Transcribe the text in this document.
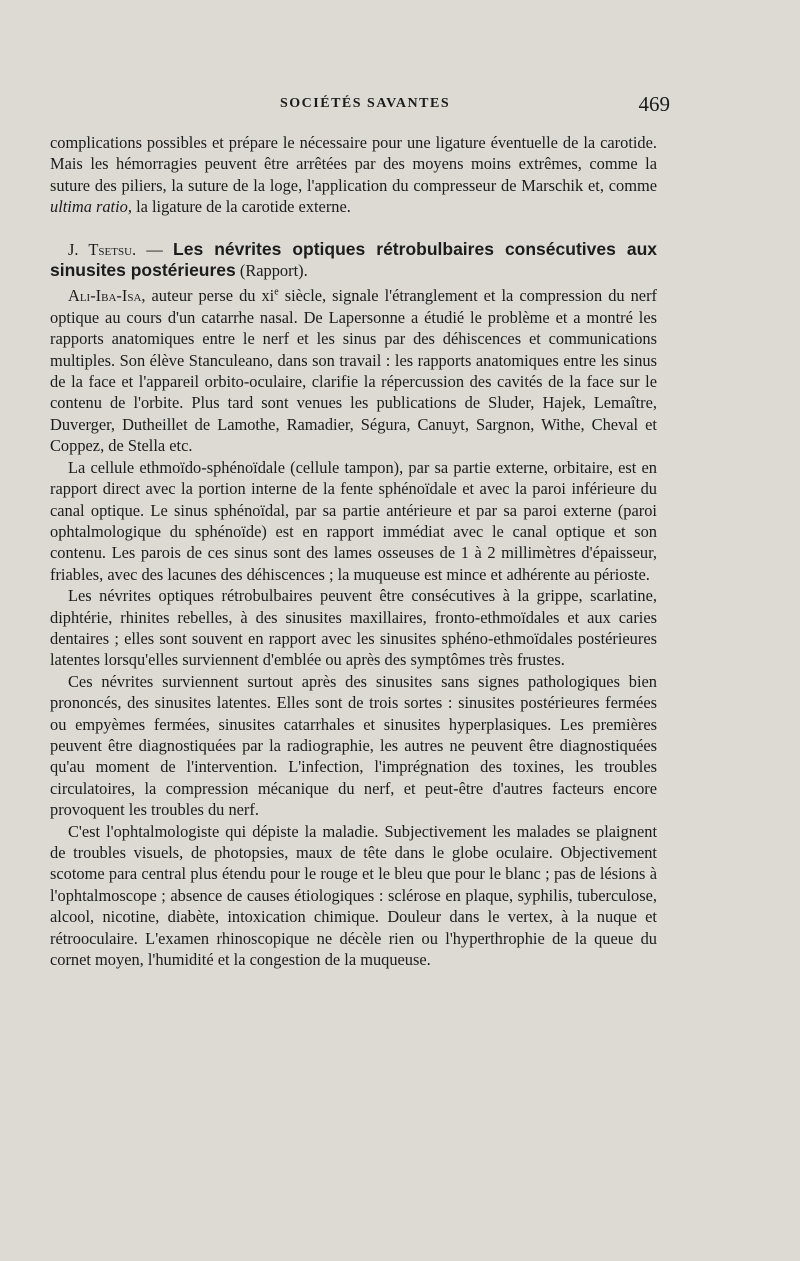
SOCIÉTÉS SAVANTES	469

complications possibles et prépare le nécessaire pour une ligature éventuelle de la carotide. Mais les hémorragies peuvent être arrêtées par des moyens moins extrêmes, comme la suture des piliers, la suture de la loge, l'application du compresseur de Marschik et, comme ultima ratio, la ligature de la carotide externe.

J. Tsetsu. — Les névrites optiques rétrobulbaires consécutives aux sinusites postérieures (Rapport).

Ali-Iba-Isa, auteur perse du $xi^e$ siècle, signale l'étranglement et la compression du nerf optique au cours d'un catarrhe nasal. De Lapersonne a étudié le problème et a montré les rapports anatomiques entre le nerf et les sinus par des déhiscences et communications multiples. Son élève Stanculeano, dans son travail : les rapports anatomiques entre les sinus de la face et l'appareil orbito-oculaire, clarifie la répercussion des cavités de la face sur le contenu de l'orbite. Plus tard sont venues les publications de Sluder, Hajek, Lemaître, Duverger, Dutheillet de Lamothe, Ramadier, Ségura, Canuyt, Sargnon, Withe, Cheval et Coppez, de Stella etc.

La cellule ethmoïdo-sphénoïdale (cellule tampon), par sa partie externe, orbitaire, est en rapport direct avec la portion interne de la fente sphénoïdale et avec la paroi inférieure du canal optique. Le sinus sphénoïdal, par sa partie antérieure et par sa paroi externe (paroi ophtalmologique du sphénoïde) est en rapport immédiat avec le canal optique et son contenu. Les parois de ces sinus sont des lames osseuses de 1 à 2 millimètres d'épaisseur, friables, avec des lacunes des déhiscences ; la muqueuse est mince et adhérente au périoste.

Les névrites optiques rétrobulbaires peuvent être consécutives à la grippe, scarlatine, diphtérie, rhinites rebelles, à des sinusites maxillaires, fronto-ethmoïdales et aux caries dentaires ; elles sont souvent en rapport avec les sinusites sphéno-ethmoïdales postérieures latentes lorsqu'elles surviennent d'emblée ou après des symptômes très frustes.

Ces névrites surviennent surtout après des sinusites sans signes pathologiques bien prononcés, des sinusites latentes. Elles sont de trois sortes : sinusites postérieures fermées ou empyèmes fermées, sinusites catarrhales et sinusites hyperplasiques. Les premières peuvent être diagnostiquées par la radiographie, les autres ne peuvent être diagnostiquées qu'au moment de l'intervention. L'infection, l'imprégnation des toxines, les troubles circulatoires, la compression mécanique du nerf, et peut-être d'autres facteurs encore provoquent les troubles du nerf.

C'est l'ophtalmologiste qui dépiste la maladie. Subjectivement les malades se plaignent de troubles visuels, de photopsies, maux de tête dans le globe oculaire. Objectivement scotome para central plus étendu pour le rouge et le bleu que pour le blanc ; pas de lésions à l'ophtalmoscope ; absence de causes étiologiques : sclérose en plaque, syphilis, tuberculose, alcool, nicotine, diabète, intoxication chimique. Douleur dans le vertex, à la nuque et rétrooculaire. L'examen rhinoscopique ne décèle rien ou l'hyperthrophie de la queue du cornet moyen, l'humidité et la congestion de la muqueuse.
